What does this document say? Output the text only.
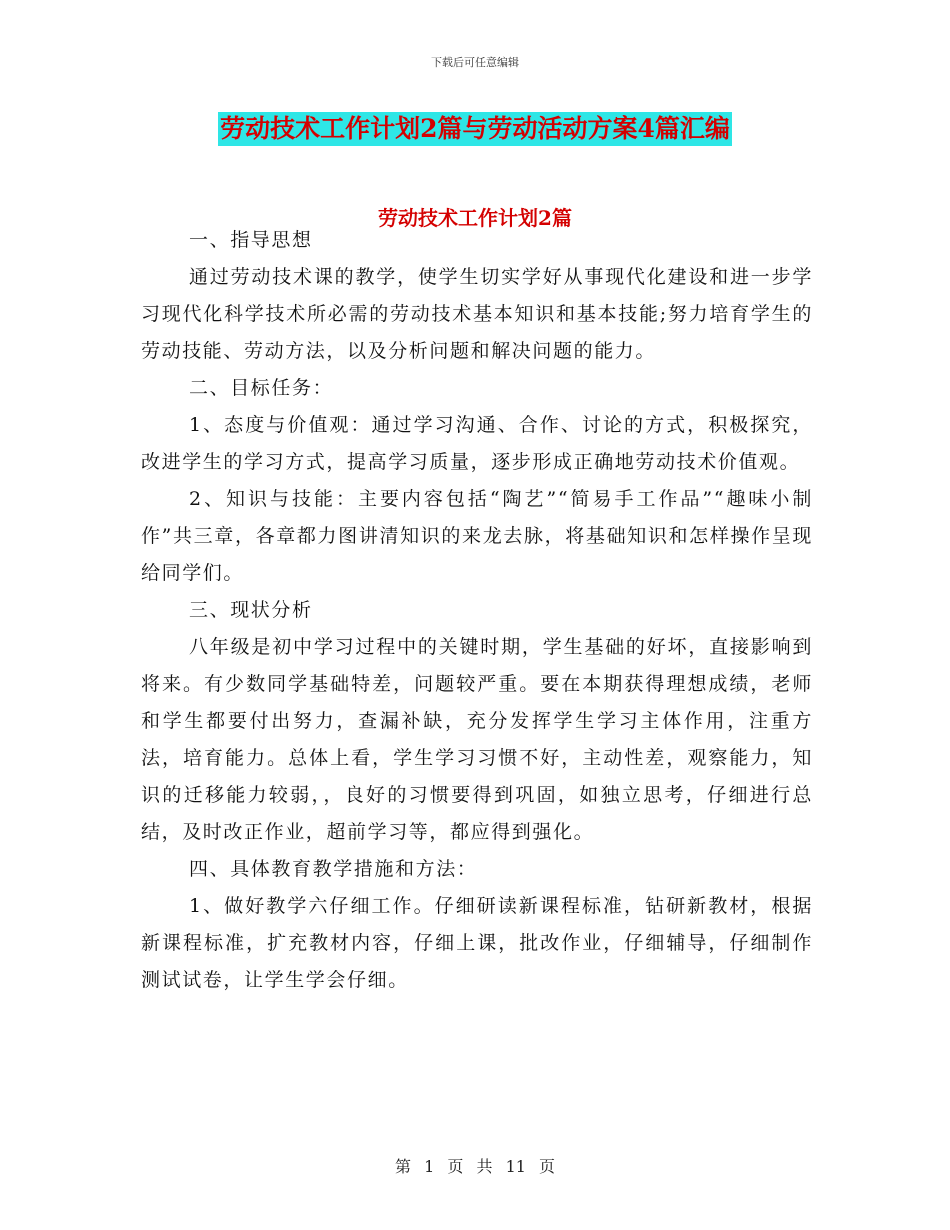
下载后可任意编辑
劳动技术工作计划2篇与劳动活动方案4篇汇编
劳动技术工作计划2篇

一、指导思想

通过劳动技术课的教学，使学生切实学好从事现代化建设和进一步学习现代化科学技术所必需的劳动技术基本知识和基本技能;努力培育学生的劳动技能、劳动方法，以及分析问题和解决问题的能力。

二、目标任务：

1、态度与价值观：通过学习沟通、合作、讨论的方式，积极探究，改进学生的学习方式，提高学习质量，逐步形成正确地劳动技术价值观。

2、知识与技能：主要内容包括“陶艺”“简易手工作品”“趣味小制作”共三章，各章都力图讲清知识的来龙去脉，将基础知识和怎样操作呈现给同学们。

三、现状分析

八年级是初中学习过程中的关键时期，学生基础的好坏，直接影响到将来。有少数同学基础特差，问题较严重。要在本期获得理想成绩，老师和学生都要付出努力，查漏补缺，充分发挥学生学习主体作用，注重方法，培育能力。总体上看，学生学习习惯不好，主动性差，观察能力，知识的迁移能力较弱，，良好的习惯要得到巩固，如独立思考，仔细进行总结，及时改正作业，超前学习等，都应得到强化。

四、具体教育教学措施和方法：

1、做好教学六仔细工作。仔细研读新课程标准，钻研新教材，根据新课程标准，扩充教材内容，仔细上课，批改作业，仔细辅导，仔细制作测试试卷，让学生学会仔细。

第 1 页 共 11 页
